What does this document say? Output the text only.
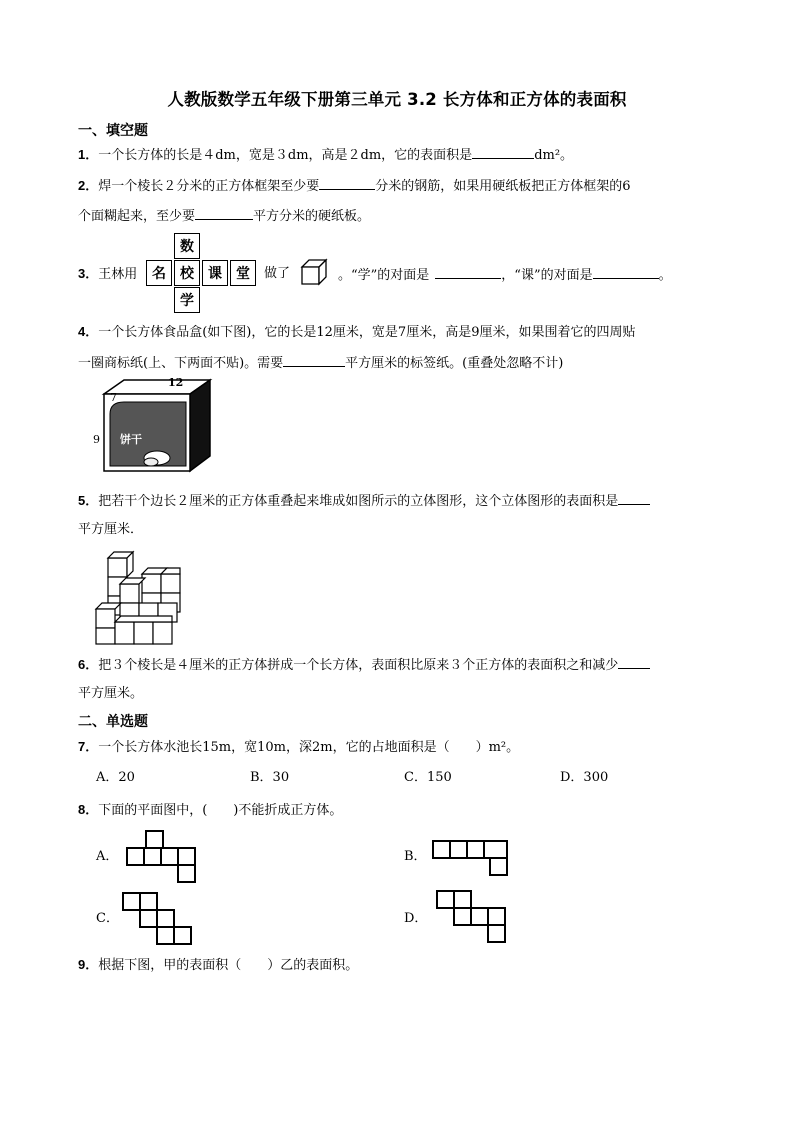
人教版数学五年级下册第三单元 3.2 长方体和正方体的表面积
一、填空题
1．一个长方体的长是４dm，宽是３dm，高是２dm，它的表面积是	dm²。
2．焊一个棱长２分米的正方体框架至少要	分米的钢筋，如果用硬纸板把正方体框架的6
个面糊起来，至少要	平方分米的硬纸板。
3．王林用
数
名	校	课	堂
学
做了	。“学”的对面是	，“课”的对面是	。
4．一个长方体食品盒(如下图)，它的长是12厘米，宽是7厘米，高是9厘米，如果围着它的四周贴
一圈商标纸(上、下两面不贴)。需要	平方厘米的标签纸。(重叠处忽略不计)
饼干
12
7
9
5．把若干个边长２厘米的正方体重叠起来堆成如图所示的立体图形，这个立体图形的表面积是
平方厘米．
6．把３个棱长是４厘米的正方体拼成一个长方体，表面积比原来３个正方体的表面积之和减少
平方厘米。
二、单选题
7．一个长方体水池长15m，宽10m，深2m，它的占地面积是（　　）m²。
A．20	B．30	C．150	D．300
8．下面的平面图中，(　　)不能折成正方体。
A．	B．
C．	D．
9．根据下图，甲的表面积（　　）乙的表面积。
